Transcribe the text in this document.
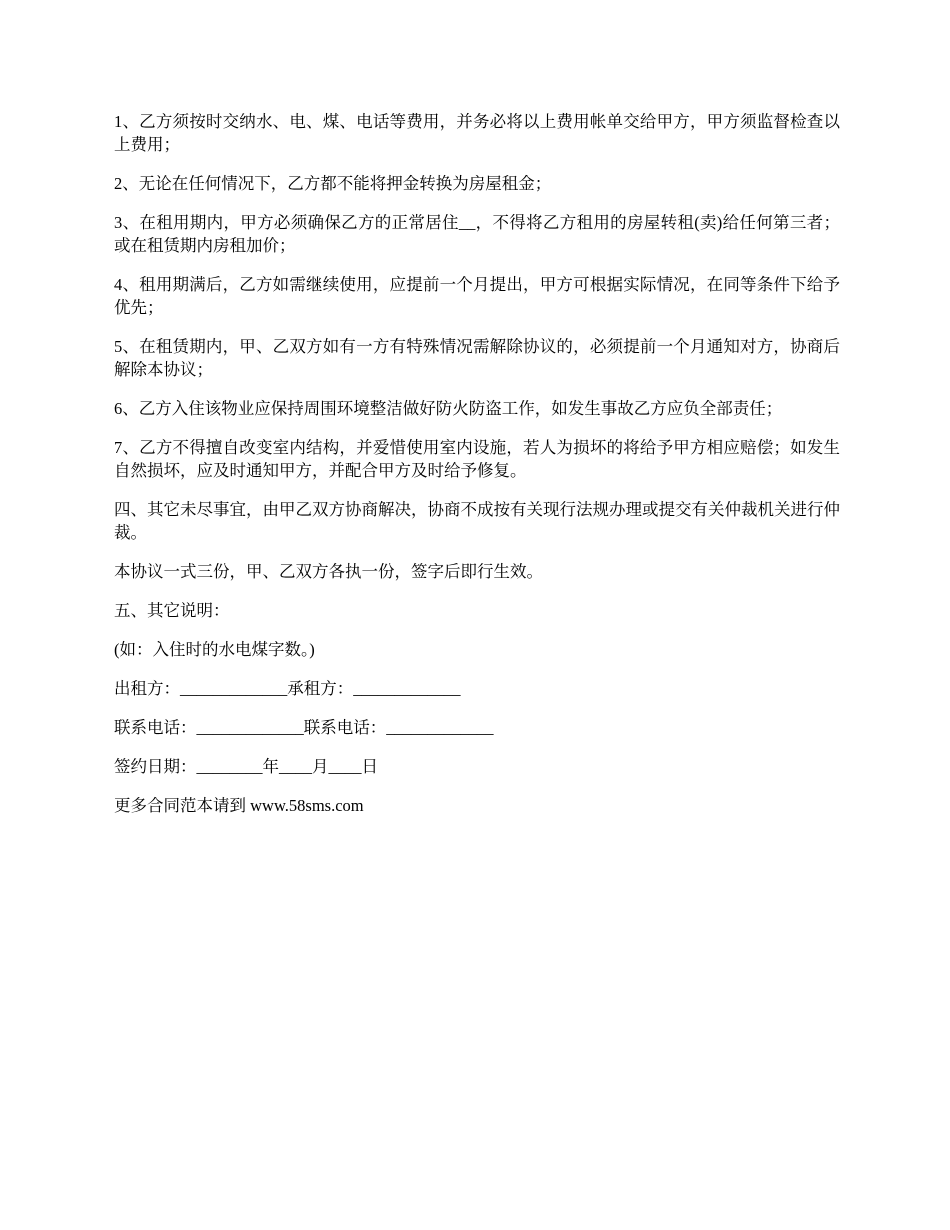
1、乙方须按时交纳水、电、煤、电话等费用，并务必将以上费用帐单交给甲方，甲方须监督检查以上费用；

2、无论在任何情况下，乙方都不能将押金转换为房屋租金；

3、在租用期内，甲方必须确保乙方的正常居住__，不得将乙方租用的房屋转租(卖)给任何第三者；或在租赁期内房租加价；

4、租用期满后，乙方如需继续使用，应提前一个月提出，甲方可根据实际情况，在同等条件下给予优先；

5、在租赁期内，甲、乙双方如有一方有特殊情况需解除协议的，必须提前一个月通知对方，协商后解除本协议；

6、乙方入住该物业应保持周围环境整洁做好防火防盗工作，如发生事故乙方应负全部责任；

7、乙方不得擅自改变室内结构，并爱惜使用室内设施，若人为损坏的将给予甲方相应赔偿；如发生自然损坏，应及时通知甲方，并配合甲方及时给予修复。

四、其它未尽事宜，由甲乙双方协商解决，协商不成按有关现行法规办理或提交有关仲裁机关进行仲裁。

本协议一式三份，甲、乙双方各执一份，签字后即行生效。

五、其它说明：

(如：入住时的水电煤字数。)

出租方：_____________承租方：_____________

联系电话：_____________联系电话：_____________

签约日期：________年____月____日

更多合同范本请到 www.58sms.com
